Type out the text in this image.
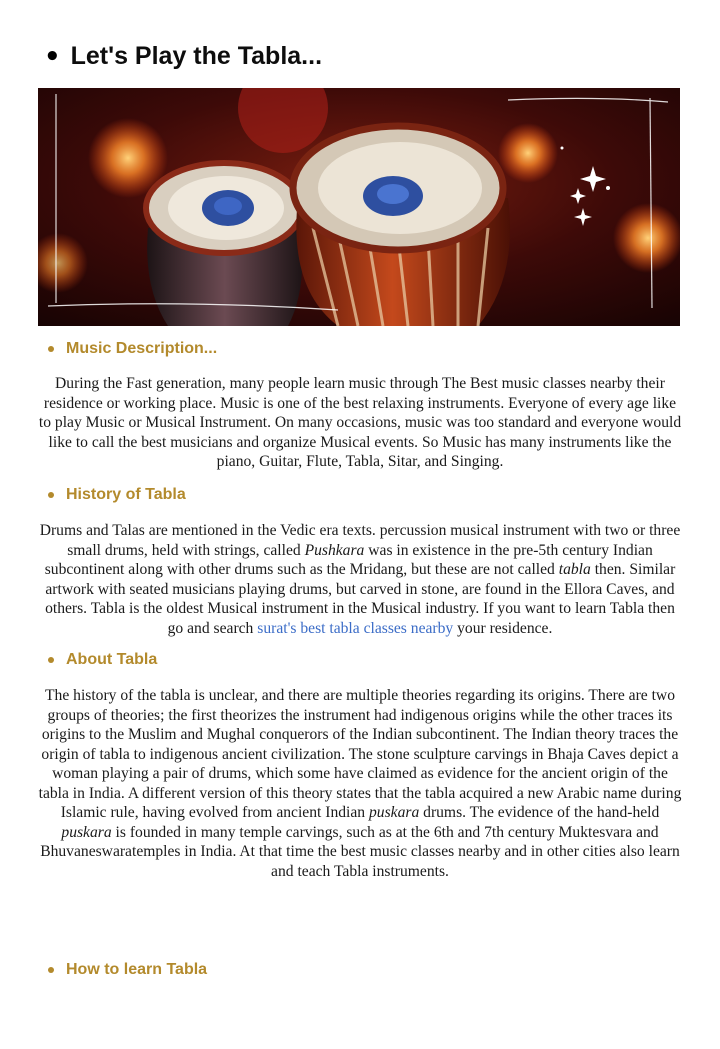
• Let's Play the Tabla...
Music Description...

During the Fast generation, many people learn music through The Best music classes nearby their residence or working place. Music is one of the best relaxing instruments. Everyone of every age like to play Music or Musical Instrument. On many occasions, music was too standard and everyone would like to call the best musicians and organize Musical events. So Music has many instruments like the piano, Guitar, Flute, Tabla, Sitar, and Singing.

History of Tabla

Drums and Talas are mentioned in the Vedic era texts. percussion musical instrument with two or three small drums, held with strings, called Pushkara was in existence in the pre-5th century Indian subcontinent along with other drums such as the Mridang, but these are not called tabla then. Similar artwork with seated musicians playing drums, but carved in stone, are found in the Ellora Caves, and others. Tabla is the oldest Musical instrument in the Musical industry. If you want to learn Tabla then go and search surat's best tabla classes nearby your residence.

About Tabla

The history of the tabla is unclear, and there are multiple theories regarding its origins. There are two groups of theories; the first theorizes the instrument had indigenous origins while the other traces its origins to the Muslim and Mughal conquerors of the Indian subcontinent. The Indian theory traces the origin of tabla to indigenous ancient civilization. The stone sculpture carvings in Bhaja Caves depict a woman playing a pair of drums, which some have claimed as evidence for the ancient origin of the tabla in India. A different version of this theory states that the tabla acquired a new Arabic name during Islamic rule, having evolved from ancient Indian puskara drums. The evidence of the hand-held puskara is founded in many temple carvings, such as at the 6th and 7th century Muktesvara and Bhuvaneswaratemples in India. At that time the best music classes nearby and in other cities also learn and teach Tabla instruments.

How to learn Tabla
